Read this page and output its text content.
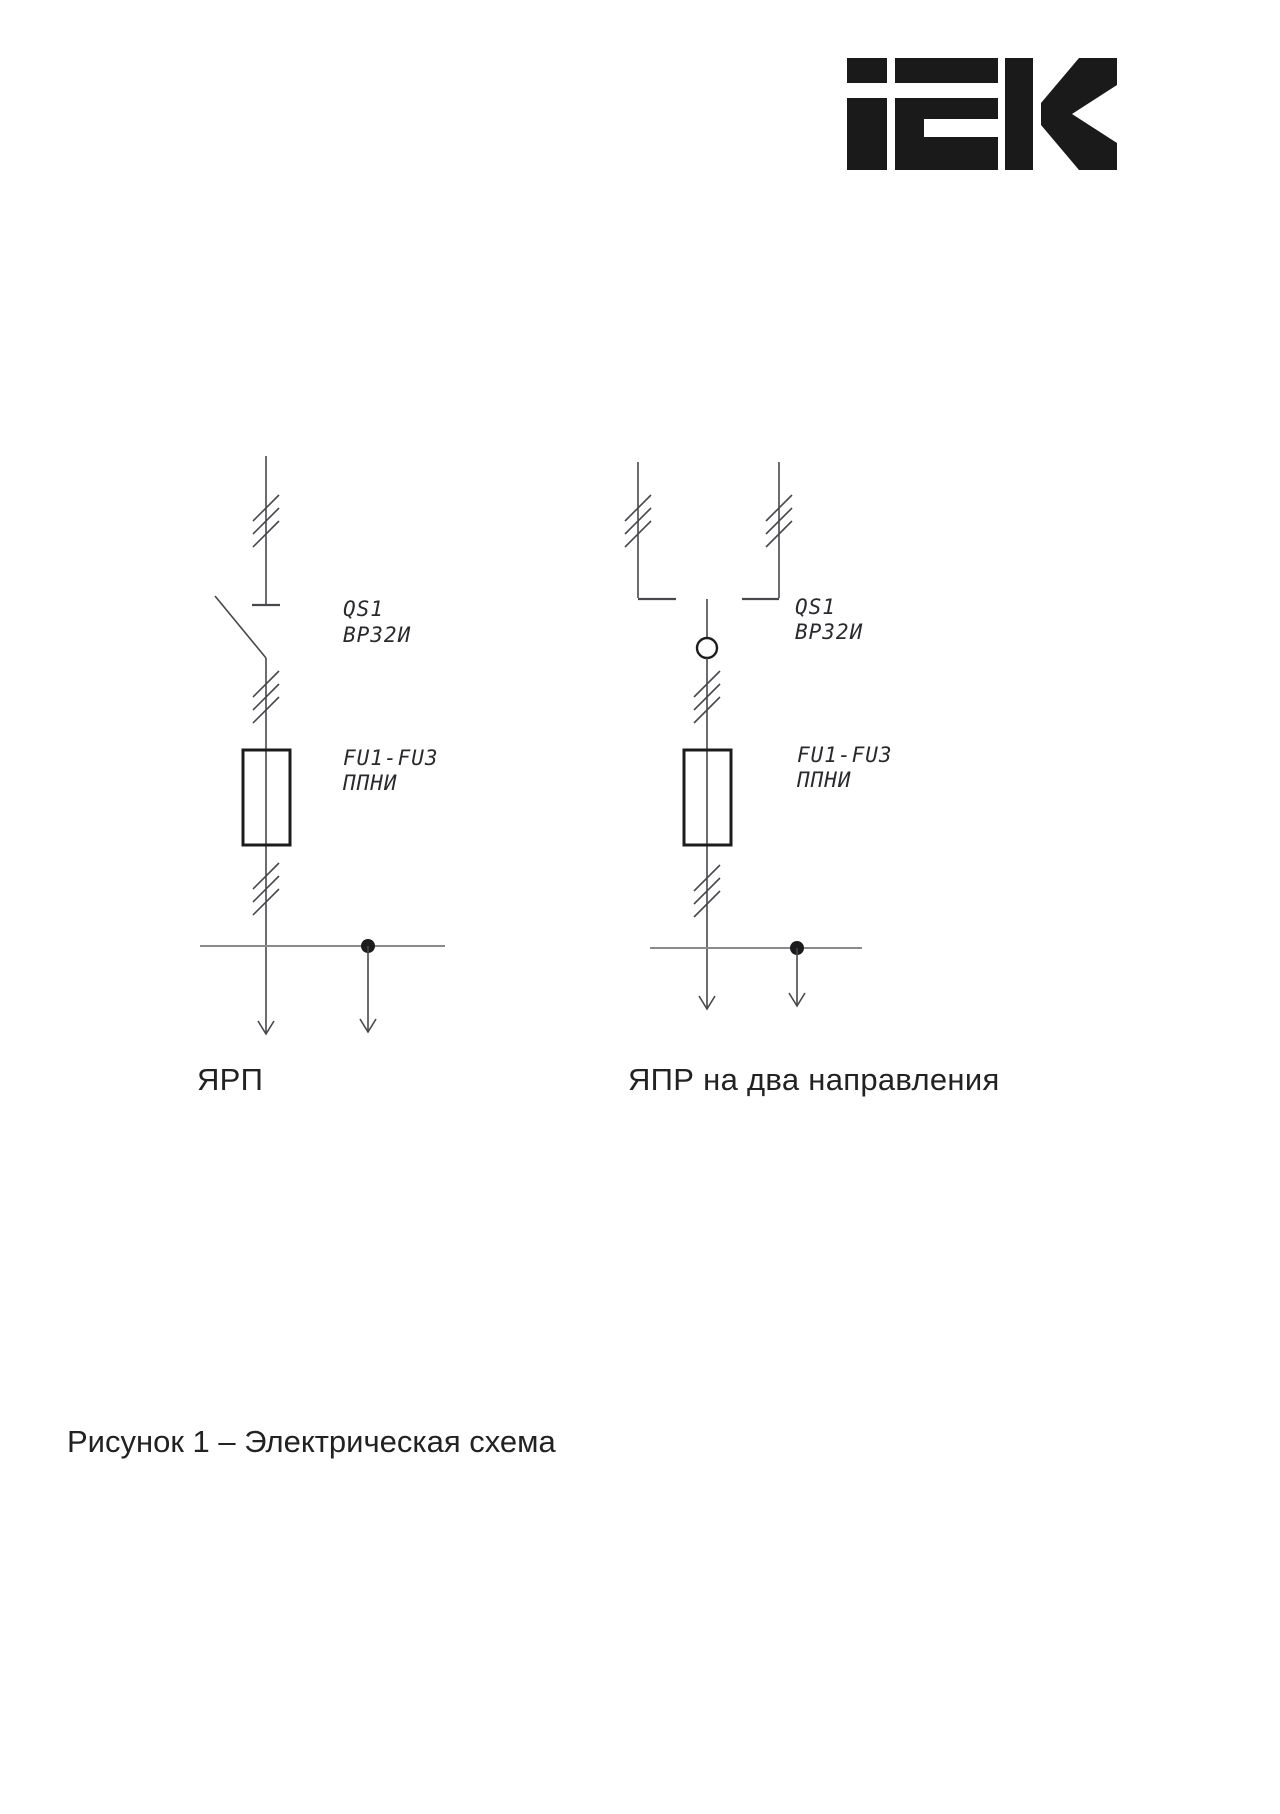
QS1
ВР32И
FU1-FU3
ППНИ
QS1
ВР32И
FU1-FU3
ППНИ
ЯРП	ЯПР на два направления
Рисунок 1 – Электрическая схема
